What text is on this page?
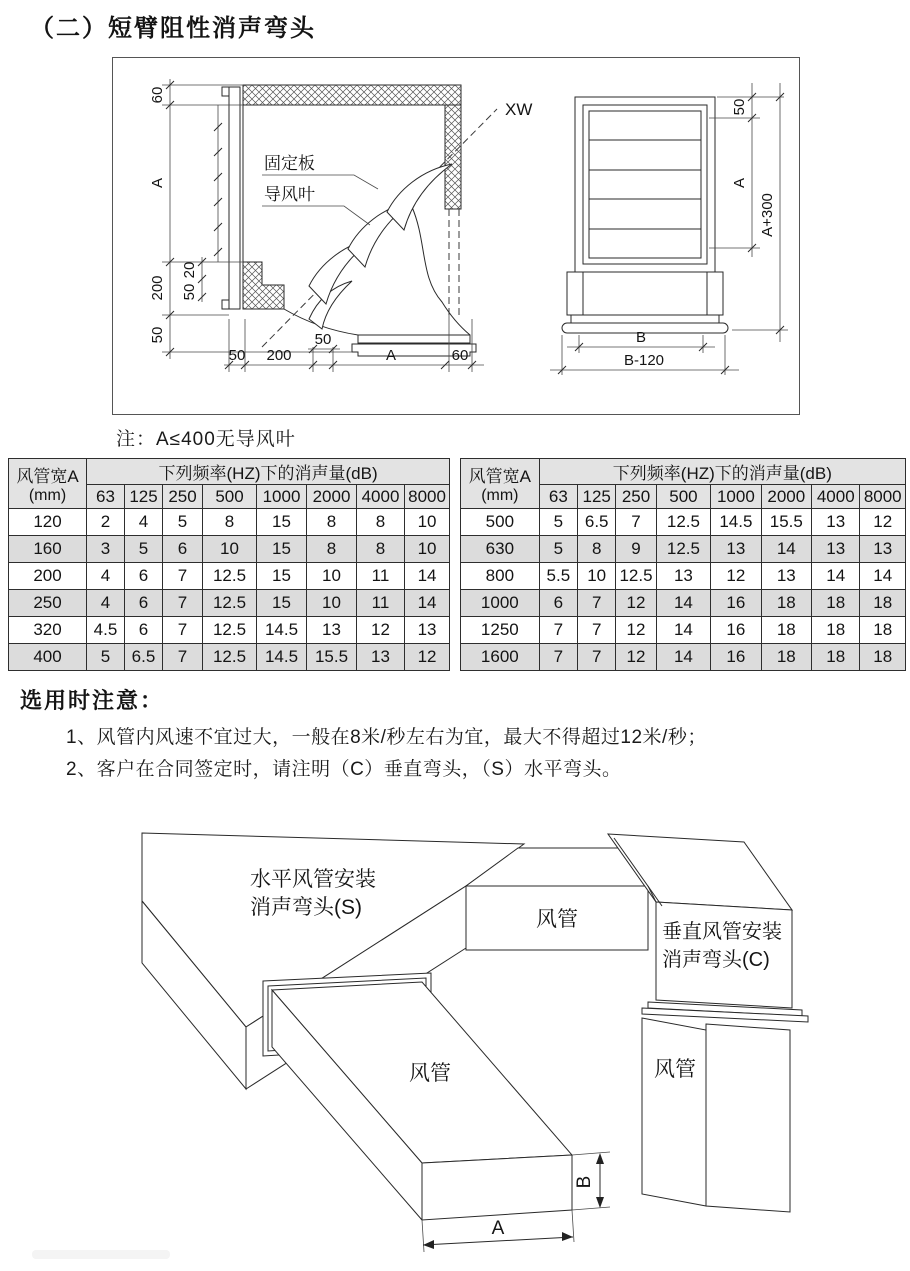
（二）短臂阻性消声弯头
固定板
导风叶
60
A
200
50
20
50
50 200
50
A	60
XW	50
A
A+300
B
B-120
注：A≤400无导风叶
风管宽A
(mm)	下列频率(HZ)下的消声量(dB)							
	63	125	250	500	1000	2000	4000	8000
120	2	4	5	8	15	8	8	10
160	3	5	6	10	15	8	8	10
200	4	6	7	12.5	15	10	11	14
250	4	6	7	12.5	15	10	11	14
320	4.5	6	7	12.5	14.5	13	12	13
400	5	6.5	7	12.5	14.5	15.5	13	12
风管宽A
(mm)	下列频率(HZ)下的消声量(dB)							
	63	125	250	500	1000	2000	4000	8000
500	5	6.5	7	12.5	14.5	15.5	13	12
630	5	8	9	12.5	13	14	13	13
800	5.5	10	12.5	13	12	13	14	14
1000	6	7	12	14	16	18	18	18
1250	7	7	12	14	16	18	18	18
1600	7	7	12	14	16	18	18	18
选用时注意：
1、风管内风速不宜过大，一般在8米/秒左右为宜，最大不得超过12米/秒；
2、客户在合同签定时，请注明（C）垂直弯头，（S）水平弯头。
水平风管安装
消声弯头(S)
风管
垂直风管安装
消声弯头(C)
风管	风管
B
A
